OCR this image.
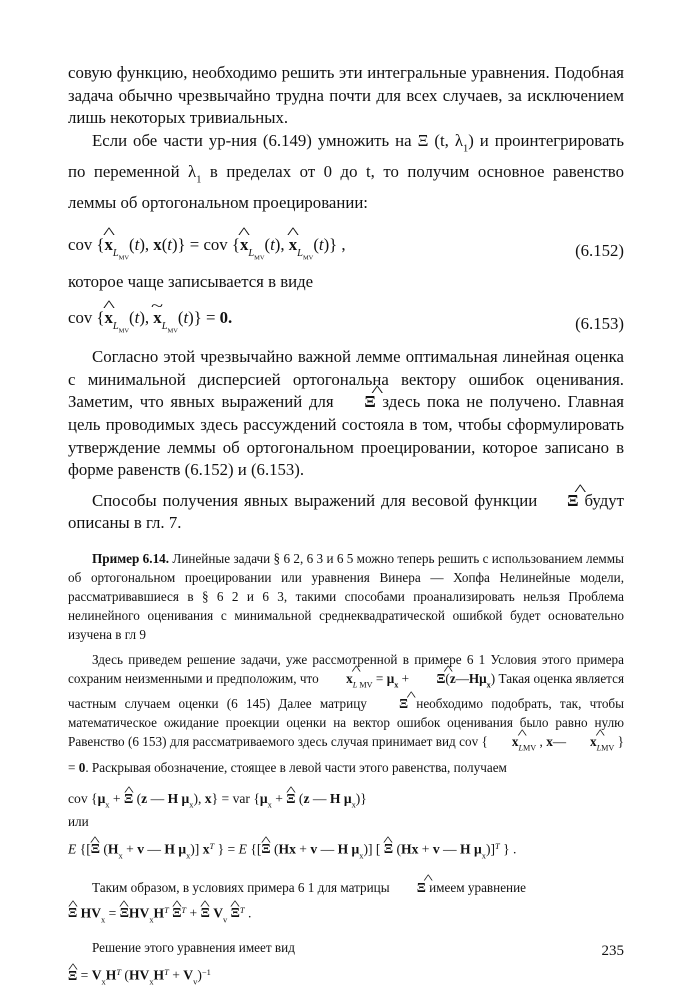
совую функцию, необходимо решить эти интегральные уравнения. Подобная задача обычно чрезвычайно трудна почти для всех случаев, за исключением лишь некоторых тривиальных.

Если обе части ур-ния (6.149) умножить на Ξ (t, $\lambda_1$) и проинтегрировать по переменной $\lambda_1$ в пределах от 0 до t, то получим основное равенство леммы об ортогональном проецировании:

cov {^ $x_{L_{MV}}(t)$, x(t)} = cov {^ $x_{L_{MV}}(t)$, ^ $x_{L_{MV}}(t)$} ,	(6.152)

которое чаще записывается в виде

cov {^ $x_{L_{MV}}(t)$, ~ $x_{L_{MV}}(t)\} = 0$.	(6.153)

Согласно этой чрезвычайно важной лемме оптимальная линейная оценка с минимальной дисперсией ортогональна вектору ошибок оценивания. Заметим, что явных выражений для ^ Ξ здесь пока не получено. Главная цель проводимых здесь рассуждений состояла в том, чтобы сформулировать утверждение леммы об ортогональном проецировании, которое записано в форме равенств (6.152) и (6.153).

Способы получения явных выражений для весовой функции ^ Ξ будут описаны в гл. 7.

Пример 6.14. Линейные задачи § 6 2, 6 3 и 6 5 можно теперь решить с использованием леммы об ортогональном проецировании или уравнения Винера — Хопфа Нелинейные модели, рассматривавшиеся в § 6 2 и 6 3, такими способами проанализировать нельзя Проблема нелинейного оценивания с минимальной среднеквадратической ошибкой будет основательно изучена в гл 9

Здесь приведем решение задачи, уже рассмотренной в примере 6 1 Условия этого примера сохраним неизменными и предположим, что ^ $x_{L MV} = \mu_x$ + ^ $\Xi(z—H\mu_x)$ Такая оценка является частным случаем оценки (6 145) Далее матрицу ^ Ξ необходимо подобрать, так, чтобы математическое ожидание проекции оценки на вектор ошибок оценивания было равно нулю Равенство (6 153) для рассматриваемого здесь случая принимает вид cov { ^ $x_{LMV}$ , x— ^ $x_{LMV}$ } = 0. Раскрывая обозначение, стоящее в левой части этого равенства, получаем

cov {$\mu_x$ + ^ Ξ (z — H $\mu_x$), x} = var {$\mu_x$ + ^ Ξ (z — H $\mu_x$)}

или

E {[^ Ξ ($H_x + v$ — H $\mu_x$)] $x^T$ } = E {[^ Ξ (Hx + v — H $\mu_x$)] [ ^ Ξ (Hx + v — H $\mu_x)]^T$ } .

Таким образом, в условиях примера 6 1 для матрицы ^ Ξ имеем уравнение

^ Ξ $HV_x$ = ^ $\Xi HV_xH^T$ ^ $\Xi^T$ + ^ Ξ $V_v$ ^ $\Xi^T$ .

Решение этого уравнения имеет вид

^ $\Xi = V_xH^T$ $(HV_xH^T + V_v)^{-1}$
235
